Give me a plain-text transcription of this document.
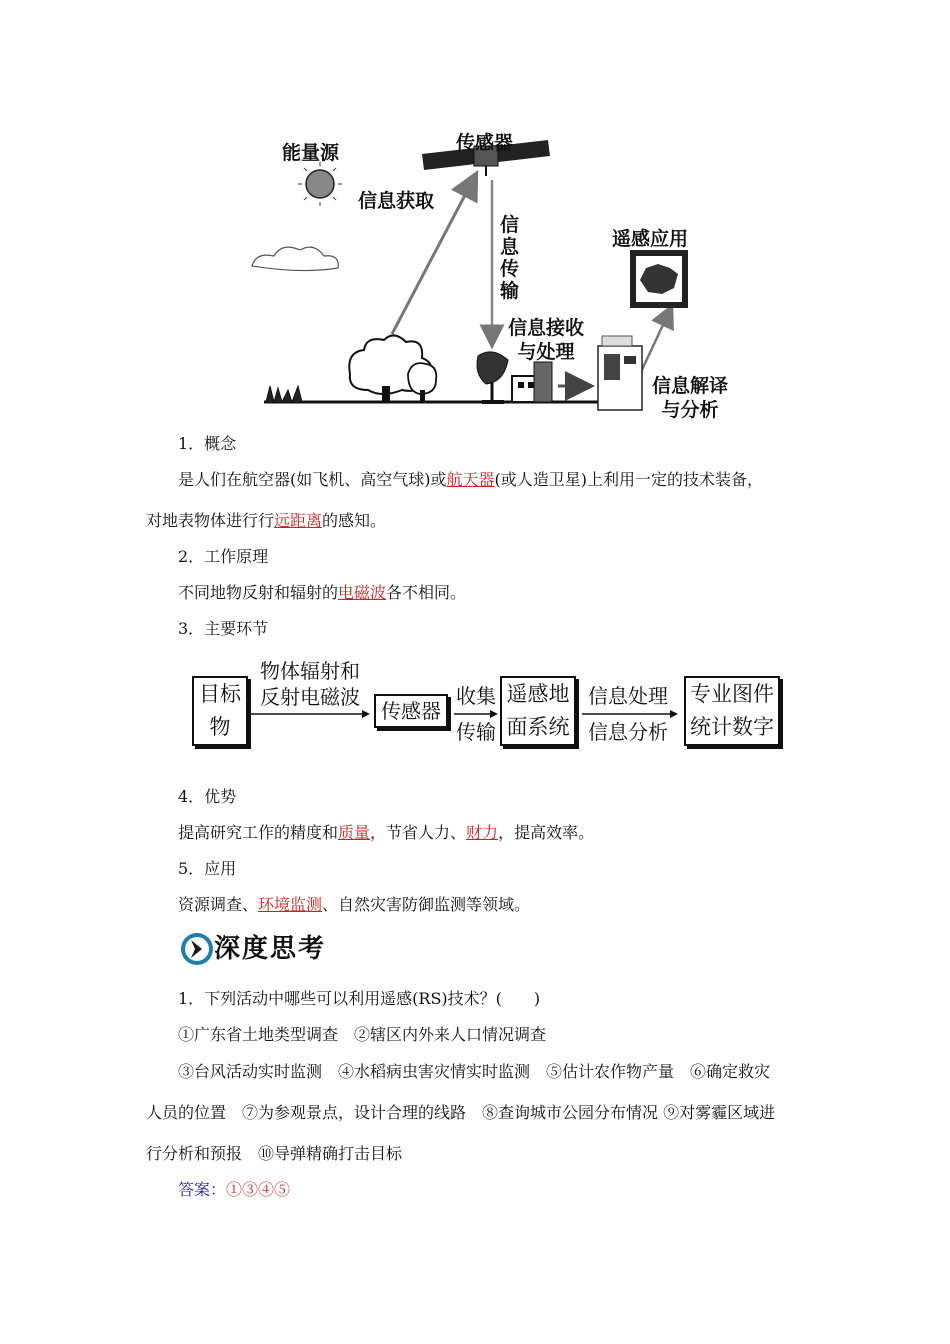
能量源	传感器
信息获取
信
息
传
输
遥感应用
信息接收
与处理
信息解译
与分析
1．概念
是人们在航空器(如飞机、高空气球)或航天器(或人造卫星)上利用一定的技术装备，
对地表物体进行行远距离的感知。
2．工作原理
不同地物反射和辐射的电磁波各不相同。
3．主要环节
目标
物
物体辐射和
反射电磁波
传感器
收集
传输
遥感地
面系统
信息处理
信息分析
专业图件
统计数字
4．优势
提高研究工作的精度和质量，节省人力、财力，提高效率。
5．应用
资源调查、环境监测、自然灾害防御监测等领域。
深度思考
1．下列活动中哪些可以利用遥感(RS)技术？(　　)
①广东省土地类型调查　②辖区内外来人口情况调查
③台风活动实时监测　④水稻病虫害灾情实时监测　⑤估计农作物产量　⑥确定救灾
人员的位置　⑦为参观景点，设计合理的线路　⑧查询城市公园分布情况 ⑨对雾霾区域进
行分析和预报　⑩导弹精确打击目标
答案：①③④⑤
